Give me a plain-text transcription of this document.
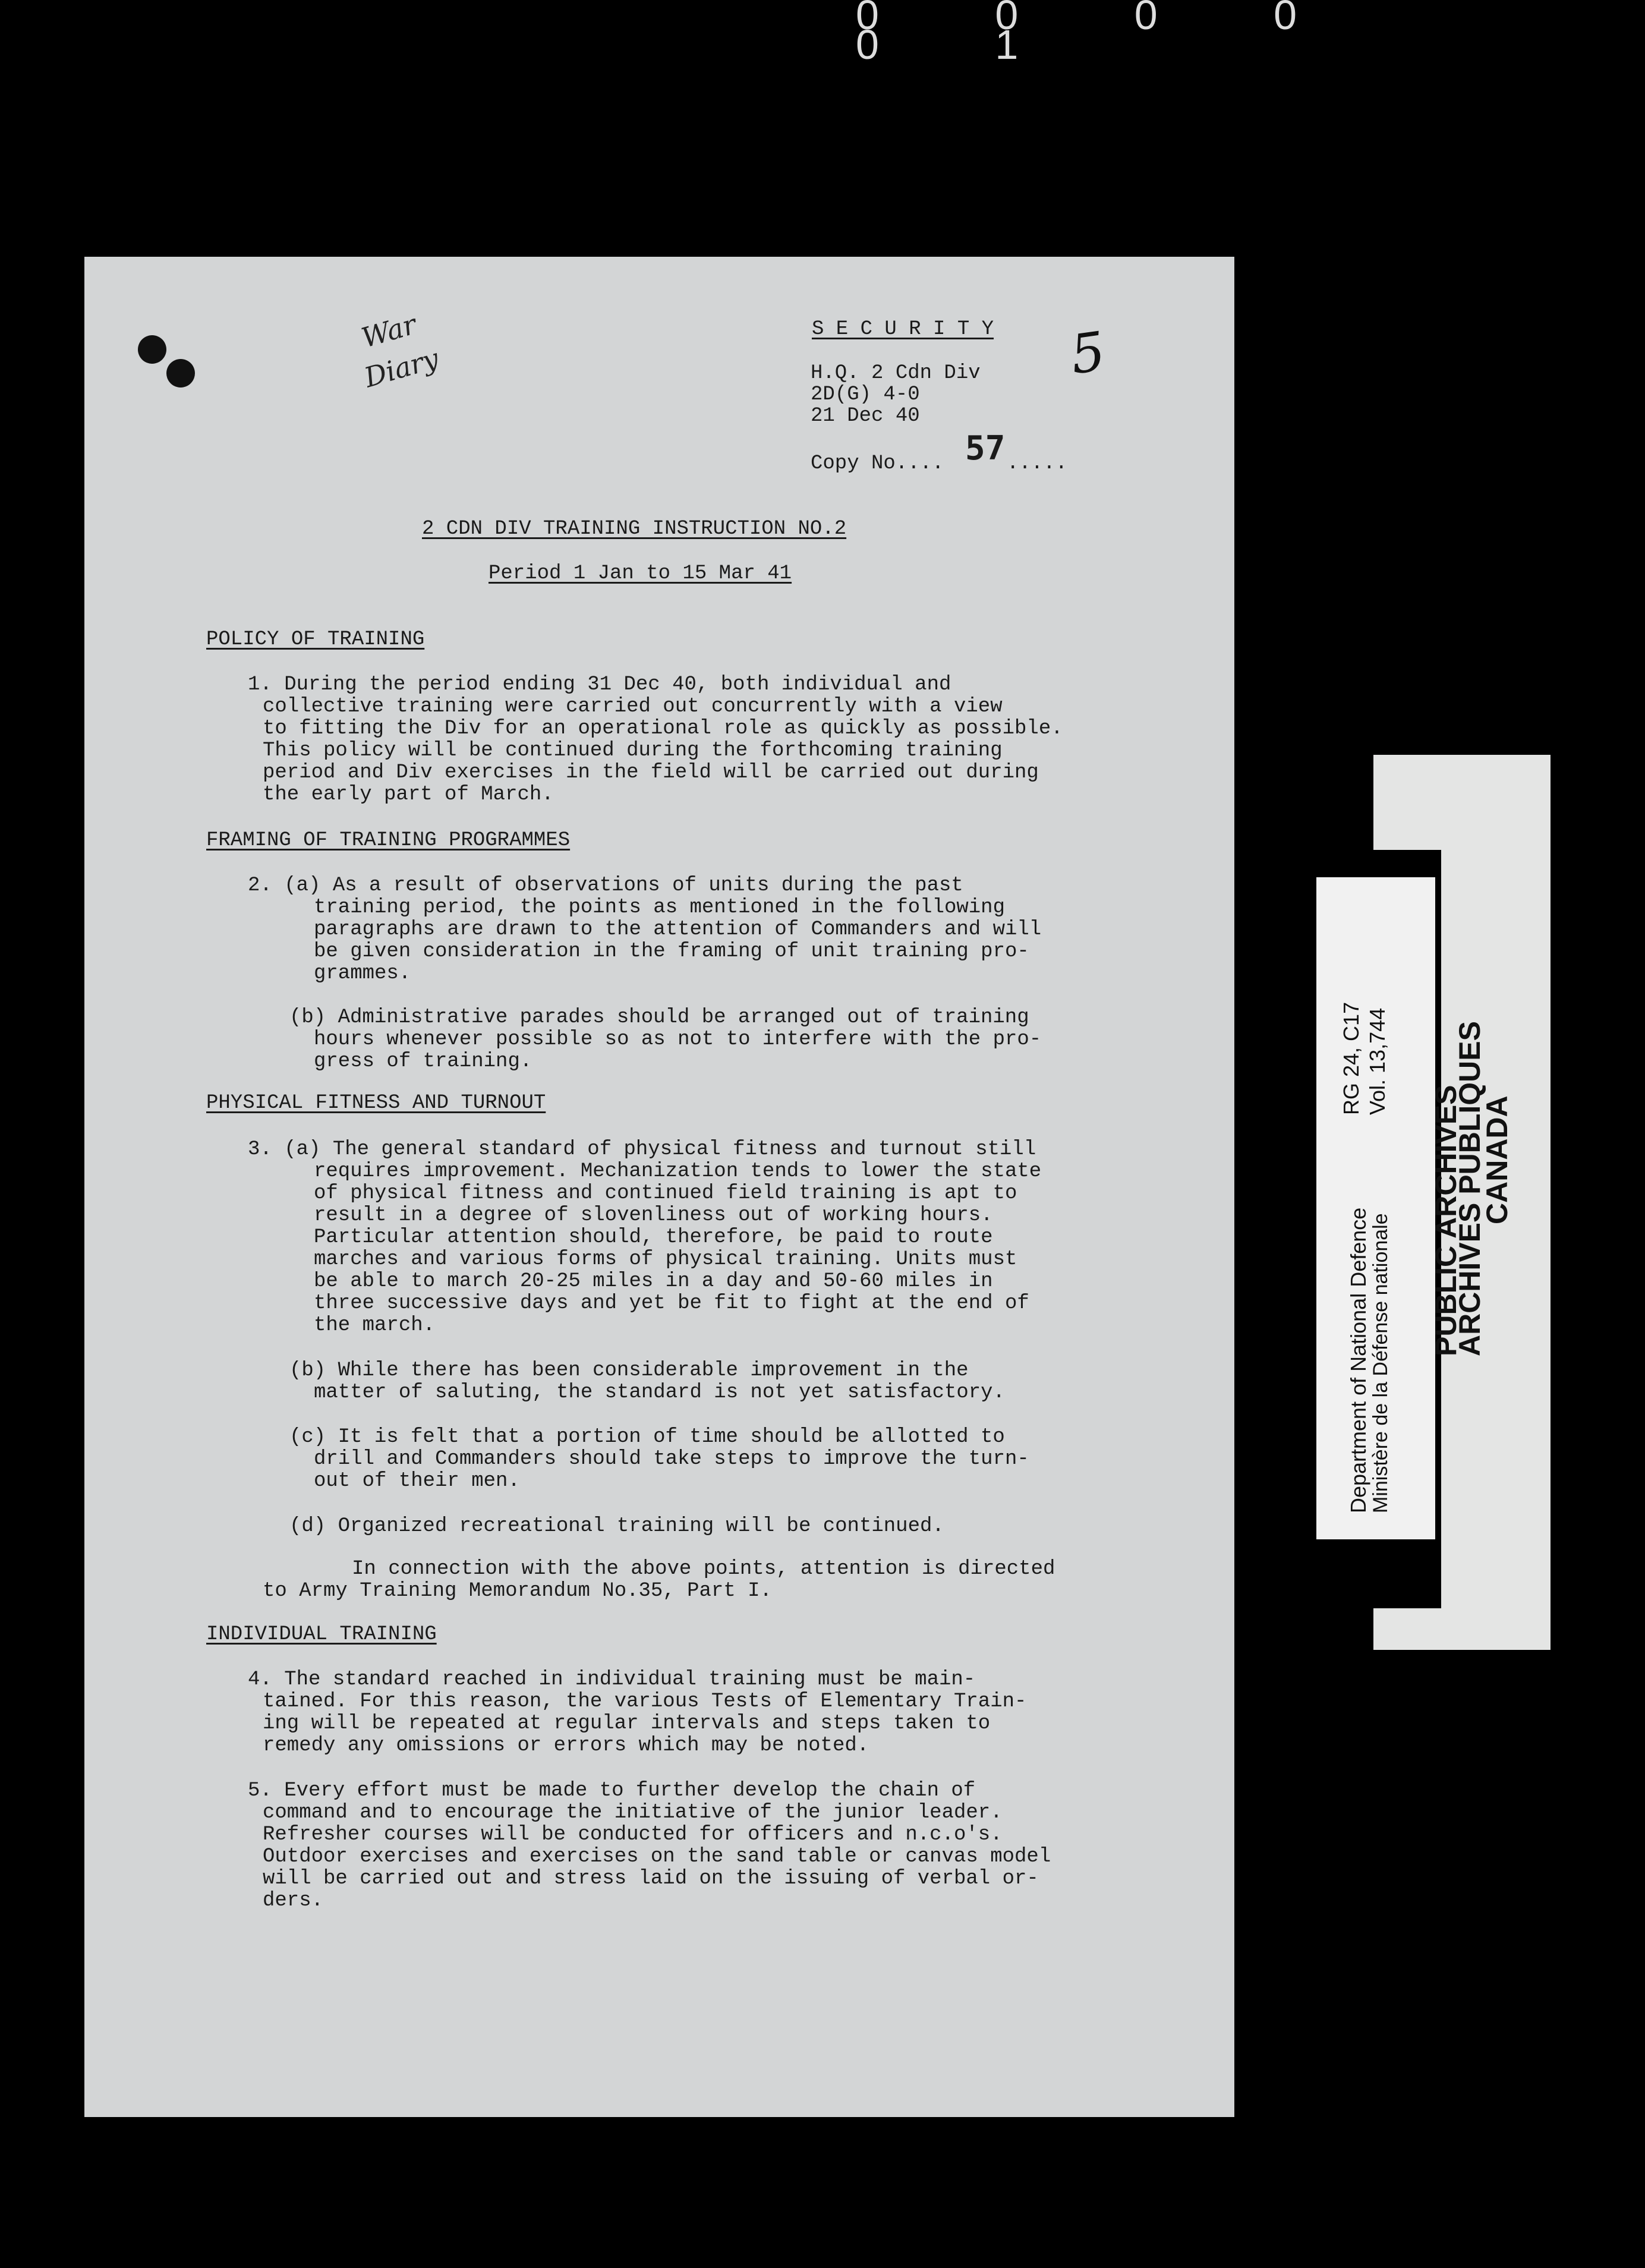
0 0 0 0 0 1
War
Diary	5
S E C U R I T Y
H.Q. 2 Cdn Div
2D(G) 4-0
21 Dec 40
Copy No.... 57 .....
2 CDN DIV TRAINING INSTRUCTION NO.2
Period 1 Jan to 15 Mar 41
POLICY OF TRAINING
1. During the period ending 31 Dec 40, both individual and
collective training were carried out concurrently with a view
to fitting the Div for an operational role as quickly as possible.
This policy will be continued during the forthcoming training
period and Div exercises in the field will be carried out during
the early part of March.
FRAMING OF TRAINING PROGRAMMES
2. (a) As a result of observations of units during the past
training period, the points as mentioned in the following
paragraphs are drawn to the attention of Commanders and will
be given consideration in the framing of unit training pro-
grammes.
(b) Administrative parades should be arranged out of training
hours whenever possible so as not to interfere with the pro-
gress of training.
PHYSICAL FITNESS AND TURNOUT
3. (a) The general standard of physical fitness and turnout still
requires improvement. Mechanization tends to lower the state
of physical fitness and continued field training is apt to
result in a degree of slovenliness out of working hours.
Particular attention should, therefore, be paid to route
marches and various forms of physical training. Units must
be able to march 20-25 miles in a day and 50-60 miles in
three successive days and yet be fit to fight at the end of
the march.
(b) While there has been considerable improvement in the
matter of saluting, the standard is not yet satisfactory.
(c) It is felt that a portion of time should be allotted to
drill and Commanders should take steps to improve the turn-
out of their men.
(d) Organized recreational training will be continued.
In connection with the above points, attention is directed
to Army Training Memorandum No.35, Part I.
INDIVIDUAL TRAINING
4. The standard reached in individual training must be main-
tained. For this reason, the various Tests of Elementary Train-
ing will be repeated at regular intervals and steps taken to
remedy any omissions or errors which may be noted.
5. Every effort must be made to further develop the chain of
command and to encourage the initiative of the junior leader.
Refresher courses will be conducted for officers and n.c.o's.
Outdoor exercises and exercises on the sand table or canvas model
will be carried out and stress laid on the issuing of verbal or-
ders.
Department of National Defence
Ministère de la Défense nationale
RG 24, C17 Vol. 13,744
PUBLIC ARCHIVES
ARCHIVES PUBLIQUES
CANADA
